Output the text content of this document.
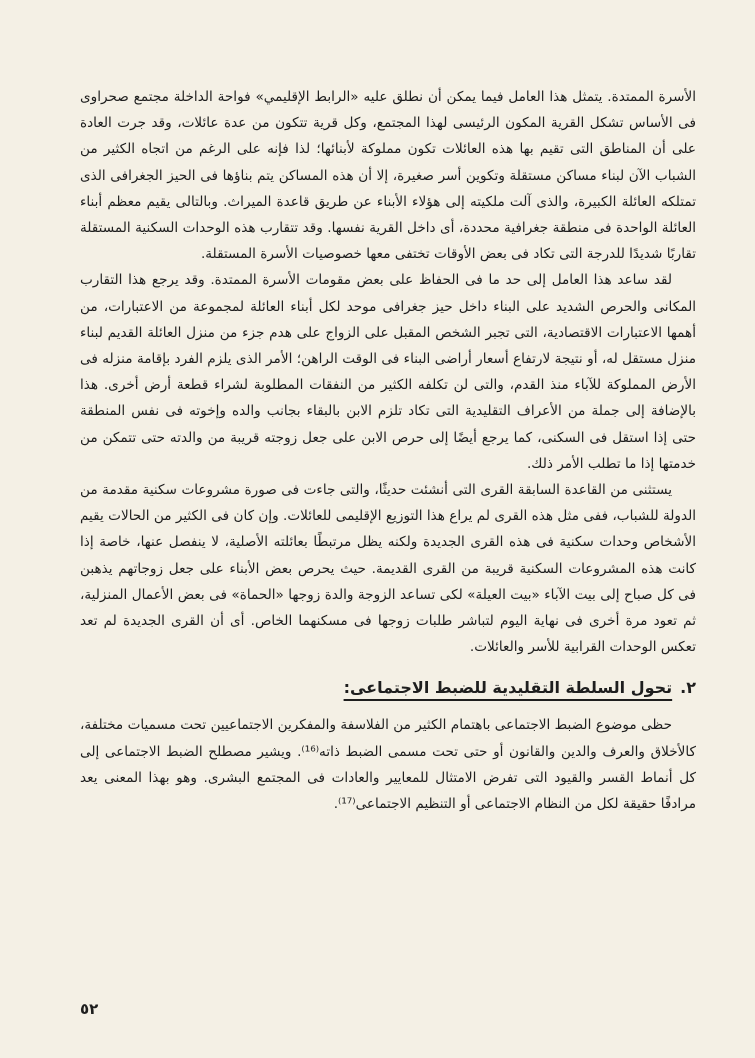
الأسرة الممتدة. يتمثل هذا العامل فيما يمكن أن نطلق عليه «الرابط الإقليمي» فواحة الداخلة مجتمع صحراوى فى الأساس تشكل القرية المكون الرئيسى لهذا المجتمع، وكل قرية تتكون من عدة عائلات، وقد جرت العادة على أن المناطق التى تقيم بها هذه العائلات تكون مملوكة لأبنائها؛ لذا فإنه على الرغم من اتجاه الكثير من الشباب الآن لبناء مساكن مستقلة وتكوين أسر صغيرة، إلا أن هذه المساكن يتم بناؤها فى الحيز الجغرافى الذى تمتلكه العائلة الكبيرة، والذى آلت ملكيته إلى هؤلاء الأبناء عن طريق قاعدة الميراث. وبالتالى يقيم معظم أبناء العائلة الواحدة فى منطقة جغرافية محددة، أى داخل القرية نفسها. وقد تتقارب هذه الوحدات السكنية المستقلة تقاربًا شديدًا للدرجة التى تكاد فى بعض الأوقات تختفى معها خصوصيات الأسرة المستقلة.

لقد ساعد هذا العامل إلى حد ما فى الحفاظ على بعض مقومات الأسرة الممتدة. وقد يرجع هذا التقارب المكانى والحرص الشديد على البناء داخل حيز جغرافى موحد لكل أبناء العائلة لمجموعة من الاعتبارات، من أهمها الاعتبارات الاقتصادية، التى تجبر الشخص المقبل على الزواج على هدم جزء من منزل العائلة القديم لبناء منزل مستقل له، أو نتيجة لارتفاع أسعار أراضى البناء فى الوقت الراهن؛ الأمر الذى يلزم الفرد بإقامة منزله فى الأرض المملوكة للآباء منذ القدم، والتى لن تكلفه الكثير من النفقات المطلوبة لشراء قطعة أرض أخرى. هذا بالإضافة إلى جملة من الأعراف التقليدية التى تكاد تلزم الابن بالبقاء بجانب والده وإخوته فى نفس المنطقة حتى إذا استقل فى السكنى، كما يرجع أيضًا إلى حرص الابن على جعل زوجته قريبة من والدته حتى تتمكن من خدمتها إذا ما تطلب الأمر ذلك.

يستثنى من القاعدة السابقة القرى التى أنشئت حديثًا، والتى جاءت فى صورة مشروعات سكنية مقدمة من الدولة للشباب، ففى مثل هذه القرى لم يراع هذا التوزيع الإقليمى للعائلات. وإن كان فى الكثير من الحالات يقيم الأشخاص وحدات سكنية فى هذه القرى الجديدة ولكنه يظل مرتبطًا بعائلته الأصلية، لا ينفصل عنها، خاصة إذا كانت هذه المشروعات السكنية قريبة من القرى القديمة. حيث يحرص بعض الأبناء على جعل زوجاتهم يذهبن فى كل صباح إلى بيت الآباء «بيت العيلة» لكى تساعد الزوجة والدة زوجها «الحماة» فى بعض الأعمال المنزلية، ثم تعود مرة أخرى فى نهاية اليوم لتباشر طلبات زوجها فى مسكنهما الخاص. أى أن القرى الجديدة لم تعد تعكس الوحدات القرابية للأسر والعائلات.

٢.
تحول السلطة التقليدية للضبط الاجتماعى:

حظى موضوع الضبط الاجتماعى باهتمام الكثير من الفلاسفة والمفكرين الاجتماعيين تحت مسميات مختلفة، كالأخلاق والعرف والدين والقانون أو حتى تحت مسمى الضبط ذاته⁽¹⁶⁾. ويشير مصطلح الضبط الاجتماعى إلى كل أنماط القسر والقيود التى تفرض الامتثال للمعايير والعادات فى المجتمع البشرى. وهو بهذا المعنى يعد مرادفًا حقيقة لكل من النظام الاجتماعى أو التنظيم الاجتماعى⁽¹⁷⁾.

٥٢
